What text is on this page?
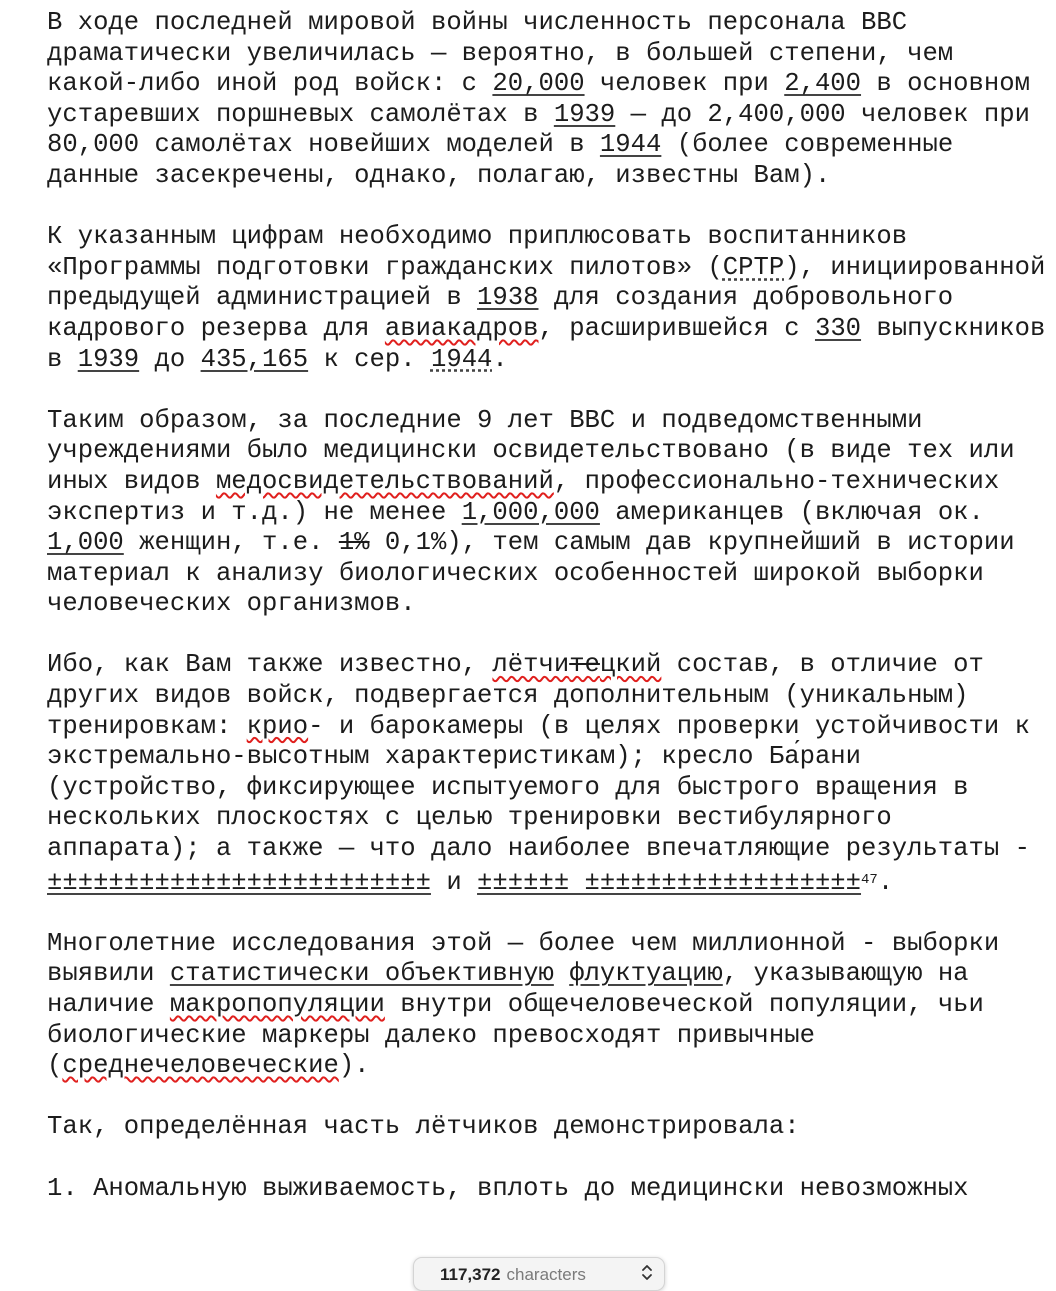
В ходе последней мировой войны численность персонала ВВС драматически увеличилась — вероятно, в большей степени, чем какой-либо иной род войск: с 20,000 человек при 2,400 в основном устаревших поршневых самолётах в 1939 — до 2,400,000 человек при 80,000 самолётах новейших моделей в 1944 (более современные данные засекречены, однако, полагаю, известны Вам).

К указанным цифрам необходимо приплюсовать воспитанников «Программы подготовки гражданских пилотов» (CPTP), инициированной предыдущей администрацией в 1938 для создания добровольного кадрового резерва для авиакадров, расширившейся с 330 выпускников в 1939 до 435,165 к сер. 1944.

Таким образом, за последние 9 лет ВВС и подведомственными учреждениями было медицински освидетельствовано (в виде тех или иных видов медосвидетельствований, профессионально-технических экспертиз и т.д.) не менее 1,000,000 американцев (включая ок. 1,000 женщин, т.е. 1% 0,1%), тем самым дав крупнейший в истории материал к анализу биологических особенностей широкой выборки человеческих организмов.

Ибо, как Вам также известно, лётчитецкий состав, в отличие от других видов войск, подвергается дополнительным (уникальным) тренировкам: крио- и барокамеры (в целях проверки устойчивости к экстремально-высотным характеристикам); кресло Ба́рани (устройство, фиксирующее испытуемого для быстрого вращения в нескольких плоскостях с целью тренировки вестибулярного аппарата); а также — что дало наиболее впечатляющие результаты - ±±±±±±±±±±±±±±±±±±±±±±±±± и ±±±±±± ±±±±±±±±±±±±±±±±±±$^{47}$.

Многолетние исследования этой — более чем миллионной - выборки выявили статистически объективную флуктуацию, указывающую на наличие макропопуляции внутри общечеловеческой популяции, чьи биологические маркеры далеко превосходят привычные (среднечеловеческие).

Так, определённая часть лётчиков демонстрировала:

1. Аномальную выживаемость, вплоть до медицински невозможных

117,372 characters
